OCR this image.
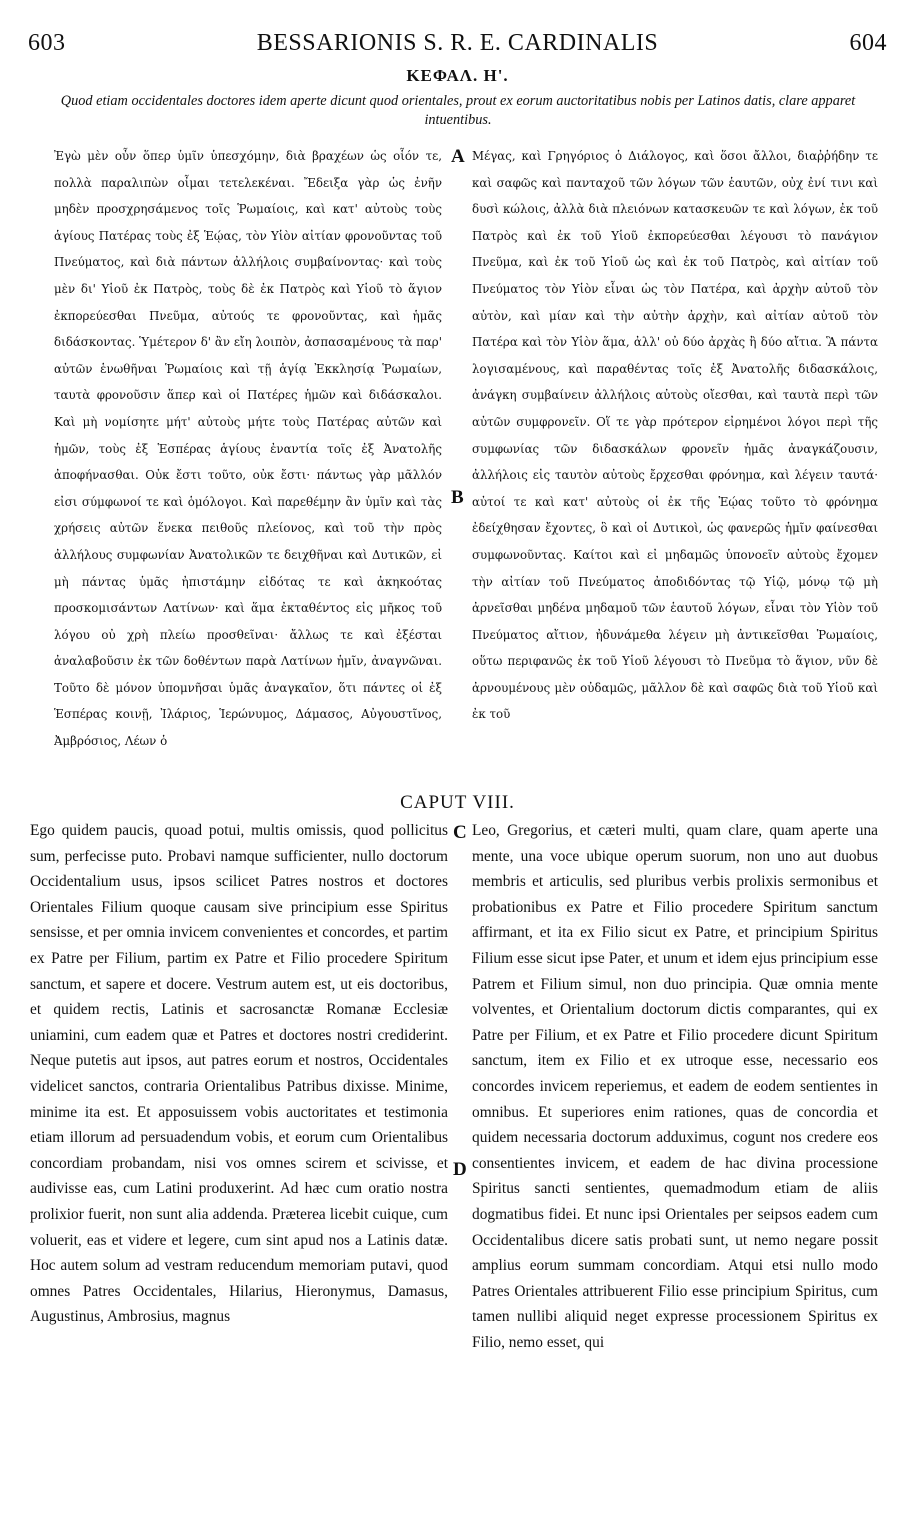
603	BESSARIONIS S. R. E. CARDINALIS	604
ΚΕΦΑΛ. Η'.
Quod etiam occidentales doctores idem aperte dicunt quod orientales, prout ex eorum auctoritatibus nobis per Latinos datis, clare apparet intuentibus.
Ἐγὼ μὲν οὖν ὅπερ ὑμῖν ὑπεσχόμην, διὰ βραχέων ὡς οἷόν τε, πολλὰ παραλιπὼν οἶμαι τετελεκέναι. Ἔδειξα γὰρ ὡς ἐνῆν μηδὲν προσχρησάμενος τοῖς Ῥωμαίοις, καὶ κατ' αὐτοὺς τοὺς ἁγίους Πατέρας τοὺς ἐξ Ἑῴας, τὸν Υἱὸν αἰτίαν φρονοῦντας τοῦ Πνεύματος, καὶ διὰ πάντων ἀλλήλοις συμβαίνοντας· καὶ τοὺς μὲν δι' Υἱοῦ ἐκ Πατρὸς, τοὺς δὲ ἐκ Πατρὸς καὶ Υἱοῦ τὸ ἅγιον ἐκπορεύεσθαι Πνεῦμα, αὐτούς τε φρονοῦντας, καὶ ἡμᾶς διδάσκοντας. Ὑμέτερον δ' ἂν εἴη λοιπὸν, ἀσπασαμένους τὰ παρ' αὐτῶν ἑνωθῆναι Ῥωμαίοις καὶ τῇ ἁγίᾳ Ἐκκλησίᾳ Ῥωμαίων, ταυτὰ φρονοῦσιν ἅπερ καὶ οἱ Πατέρες ἡμῶν καὶ διδάσκαλοι. Καὶ μὴ νομίσητε μήτ' αὐτοὺς μήτε τοὺς Πατέρας αὐτῶν καὶ ἡμῶν, τοὺς ἐξ Ἑσπέρας ἁγίους ἐναντία τοῖς ἐξ Ἀνατολῆς ἀποφήνασθαι. Οὐκ ἔστι τοῦτο, οὐκ ἔστι· πάντως γὰρ μᾶλλόν εἰσι σύμφωνοί τε καὶ ὁμόλογοι. Καὶ παρεθέμην ἂν ὑμῖν καὶ τὰς χρήσεις αὐτῶν ἕνεκα πειθοῦς πλείονος, καὶ τοῦ τὴν πρὸς ἀλλήλους συμφωνίαν Ἀνατολικῶν τε δειχθῆναι καὶ Δυτικῶν, εἰ μὴ πάντας ὑμᾶς ἠπιστάμην εἰδότας τε καὶ ἀκηκοότας προσκομισάντων Λατίνων· καὶ ἅμα ἐκταθέντος εἰς μῆκος τοῦ λόγου οὐ χρὴ πλείω προσθεῖναι· ἄλλως τε καὶ ἐξέσται ἀναλαβοῦσιν ἐκ τῶν δοθέντων παρὰ Λατίνων ἡμῖν, ἀναγνῶναι. Τοῦτο δὲ μόνον ὑπομνῆσαι ὑμᾶς ἀναγκαῖον, ὅτι πάντες οἱ ἐξ Ἑσπέρας κοινῇ, Ἰλάριος, Ἱερώνυμος, Δάμασος, Αὐγουστῖνος, Ἀμβρόσιος, Λέων ὁ
Μέγας, καὶ Γρηγόριος ὁ Διάλογος, καὶ ὅσοι ἄλλοι, διαῤῥήδην τε καὶ σαφῶς καὶ πανταχοῦ τῶν λόγων τῶν ἑαυτῶν, οὐχ ἐνί τινι καὶ δυσὶ κώλοις, ἀλλὰ διὰ πλειόνων κατασκευῶν τε καὶ λόγων, ἐκ τοῦ Πατρὸς καὶ ἐκ τοῦ Υἱοῦ ἐκπορεύεσθαι λέγουσι τὸ πανάγιον Πνεῦμα, καὶ ἐκ τοῦ Υἱοῦ ὡς καὶ ἐκ τοῦ Πατρὸς, καὶ αἰτίαν τοῦ Πνεύματος τὸν Υἱὸν εἶναι ὡς τὸν Πατέρα, καὶ ἀρχὴν αὐτοῦ τὸν αὐτὸν, καὶ μίαν καὶ τὴν αὐτὴν ἀρχὴν, καὶ αἰτίαν αὐτοῦ τὸν Πατέρα καὶ τὸν Υἱὸν ἅμα, ἀλλ' οὐ δύο ἀρχὰς ἢ δύο αἴτια. Ἃ πάντα λογισαμένους, καὶ παραθέντας τοῖς ἐξ Ἀνατολῆς διδασκάλοις, ἀνάγκη συμβαίνειν ἀλλήλοις αὐτοὺς οἴεσθαι, καὶ ταυτὰ περὶ τῶν αὐτῶν συμφρονεῖν. Οἵ τε γὰρ πρότερον εἰρημένοι λόγοι περὶ τῆς συμφωνίας τῶν διδασκάλων φρονεῖν ἡμᾶς ἀναγκάζουσιν, ἀλλήλοις εἰς ταυτὸν αὐτοὺς ἔρχεσθαι φρόνημα, καὶ λέγειν ταυτά· αὐτοί τε καὶ κατ' αὐτοὺς οἱ ἐκ τῆς Ἑῴας τοῦτο τὸ φρόνημα ἐδείχθησαν ἔχοντες, ὃ καὶ οἱ Δυτικοὶ, ὡς φανερῶς ἡμῖν φαίνεσθαι συμφωνοῦντας. Καίτοι καὶ εἰ μηδαμῶς ὑπονοεῖν αὐτοὺς ἔχομεν τὴν αἰτίαν τοῦ Πνεύματος ἀποδιδόντας τῷ Υἱῷ, μόνῳ τῷ μὴ ἀρνεῖσθαι μηδένα μηδαμοῦ τῶν ἑαυτοῦ λόγων, εἶναι τὸν Υἱὸν τοῦ Πνεύματος αἴτιον, ἠδυνάμεθα λέγειν μὴ ἀντικεῖσθαι Ῥωμαίοις, οὕτω περιφανῶς ἐκ τοῦ Υἱοῦ λέγουσι τὸ Πνεῦμα τὸ ἅγιον, νῦν δὲ ἀρνουμένους μὲν οὐδαμῶς, μᾶλλον δὲ καὶ σαφῶς διὰ τοῦ Υἱοῦ καὶ ἐκ τοῦ
CAPUT VIII.
Ego quidem paucis, quoad potui, multis omissis, quod pollicitus sum, perfecisse puto. Probavi namque sufficienter, nullo doctorum Occidentalium usus, ipsos scilicet Patres nostros et doctores Orientales Filium quoque causam sive principium esse Spiritus sensisse, et per omnia invicem convenientes et concordes, et partim ex Patre per Filium, partim ex Patre et Filio procedere Spiritum sanctum, et sapere et docere. Vestrum autem est, ut eis doctoribus, et quidem rectis, Latinis et sacrosanctæ Romanæ Ecclesiæ uniamini, cum eadem quæ et Patres et doctores nostri crediderint. Neque putetis aut ipsos, aut patres eorum et nostros, Occidentales videlicet sanctos, contraria Orientalibus Patribus dixisse. Minime, minime ita est. Et apposuissem vobis auctoritates et testimonia etiam illorum ad persuadendum vobis, et eorum cum Orientalibus concordiam probandam, nisi vos omnes scirem et scivisse, et audivisse eas, cum Latini produxerint. Ad hæc cum oratio nostra prolixior fuerit, non sunt alia addenda. Præterea licebit cuique, cum voluerit, eas et videre et legere, cum sint apud nos a Latinis datæ. Hoc autem solum ad vestram reducendum memoriam putavi, quod omnes Patres Occidentales, Hilarius, Hieronymus, Damasus, Augustinus, Ambrosius, magnus
Leo, Gregorius, et cæteri multi, quam clare, quam aperte una mente, una voce ubique operum suorum, non uno aut duobus membris et articulis, sed pluribus verbis prolixis sermonibus et probationibus ex Patre et Filio procedere Spiritum sanctum affirmant, et ita ex Filio sicut ex Patre, et principium Spiritus Filium esse sicut ipse Pater, et unum et idem ejus principium esse Patrem et Filium simul, non duo principia. Quæ omnia mente volventes, et Orientalium doctorum dictis comparantes, qui ex Patre per Filium, et ex Patre et Filio procedere dicunt Spiritum sanctum, item ex Filio et ex utroque esse, necessario eos concordes invicem reperiemus, et eadem de eodem sentientes in omnibus. Et superiores enim rationes, quas de concordia et quidem necessaria doctorum adduximus, cogunt nos credere eos consentientes invicem, et eadem de hac divina processione Spiritus sancti sentientes, quemadmodum etiam de aliis dogmatibus fidei. Et nunc ipsi Orientales per seipsos eadem cum Occidentalibus dicere satis probati sunt, ut nemo negare possit amplius eorum summam concordiam. Atqui etsi nullo modo Patres Orientales attribuerent Filio esse principium Spiritus, cum tamen nullibi aliquid neget expresse processionem Spiritus ex Filio, nemo esset, qui
A
B
C
D
